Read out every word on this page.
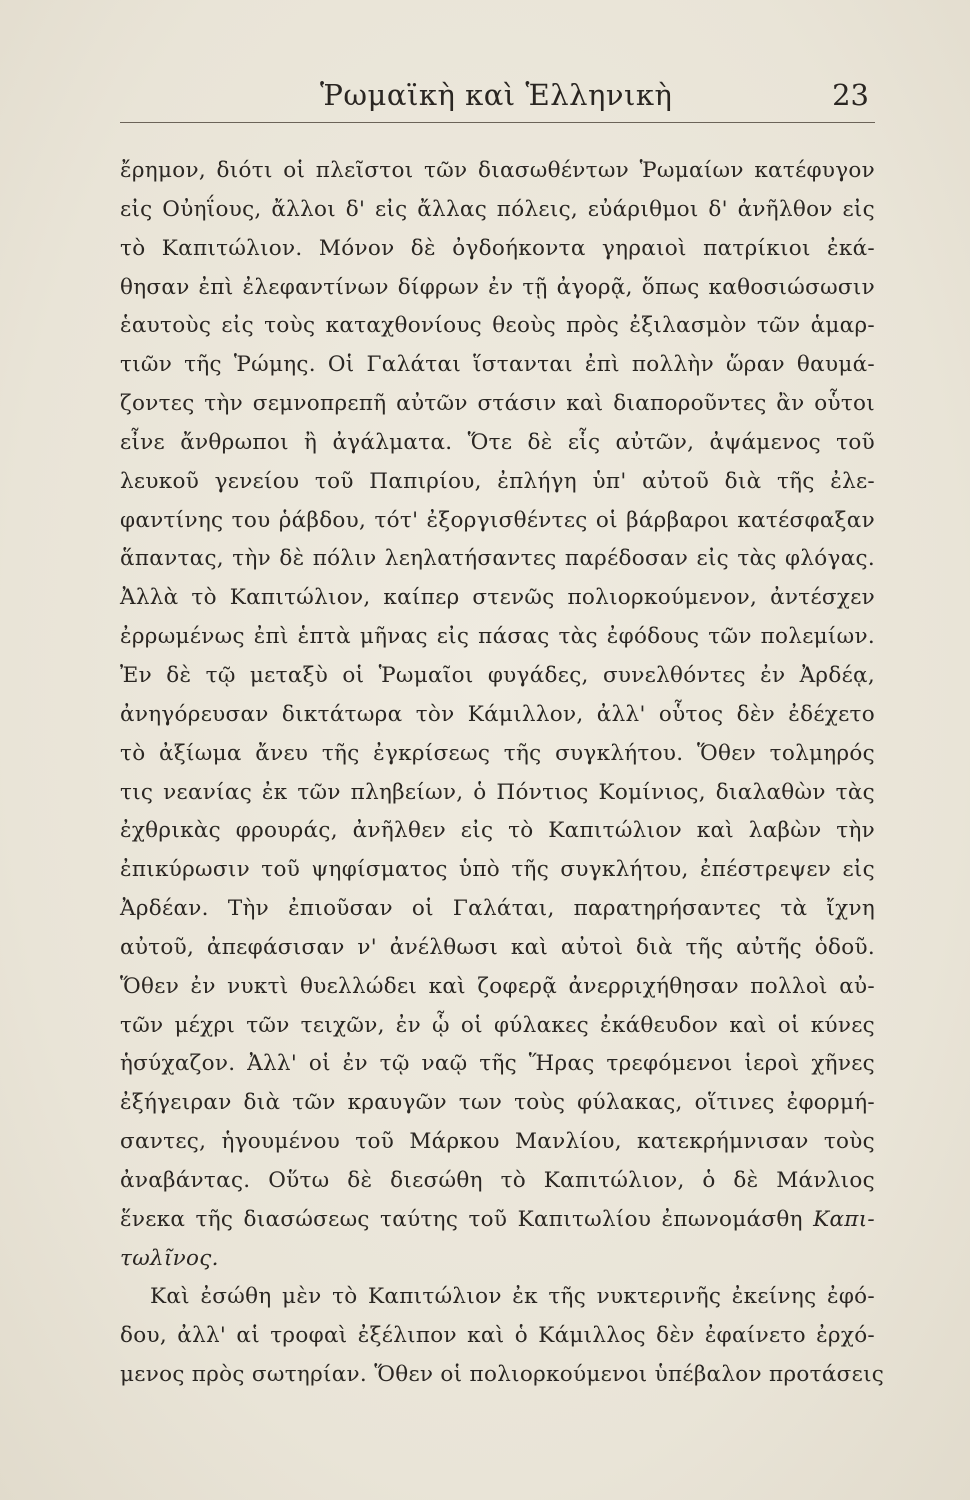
Ῥωμαϊκὴ καὶ Ἑλληνικὴ	23
ἔρημον, διότι οἱ πλεῖστοι τῶν διασωθέντων Ῥωμαίων κατέφυγον
εἰς Οὐηΐους, ἄλλοι δ' εἰς ἄλλας πόλεις, εὐάριθμοι δ' ἀνῆλθον εἰς
τὸ Καπιτώλιον. Μόνον δὲ ὀγδοήκοντα γηραιοὶ πατρίκιοι ἐκά-
θησαν ἐπὶ ἐλεφαντίνων δίφρων ἐν τῇ ἀγορᾷ, ὅπως καθοσιώσωσιν
ἑαυτοὺς εἰς τοὺς καταχθονίους θεοὺς πρὸς ἐξιλασμὸν τῶν ἁμαρ-
τιῶν τῆς Ῥώμης. Οἱ Γαλάται ἵστανται ἐπὶ πολλὴν ὥραν θαυμά-
ζοντες τὴν σεμνοπρεπῆ αὐτῶν στάσιν καὶ διαπορoῦντες ἂν οὗτοι
εἶνε ἄνθρωποι ἢ ἀγάλματα. Ὅτε δὲ εἷς αὐτῶν, ἀψάμενος τοῦ
λευκοῦ γενείου τοῦ Παπιρίου, ἐπλήγη ὑπ' αὐτοῦ διὰ τῆς ἐλε-
φαντίνης του ῥάβδου, τότ' ἐξοργισθέντες οἱ βάρβαροι κατέσφαξαν
ἅπαντας, τὴν δὲ πόλιν λεηλατήσαντες παρέδοσαν εἰς τὰς φλόγας.
Ἀλλὰ τὸ Καπιτώλιον, καίπερ στενῶς πολιορκούμενον, ἀντέσχεν
ἐρρωμένως ἐπὶ ἑπτὰ μῆνας εἰς πάσας τὰς ἐφόδους τῶν πολεμίων.
Ἐν δὲ τῷ μεταξὺ οἱ Ῥωμαῖοι φυγάδες, συνελθόντες ἐν Ἀρδέᾳ,
ἀνηγόρευσαν δικτάτωρα τὸν Κάμιλλον, ἀλλ' οὗτος δὲν ἐδέχετο
τὸ ἀξίωμα ἄνευ τῆς ἐγκρίσεως τῆς συγκλήτου. Ὅθεν τολμηρός
τις νεανίας ἐκ τῶν πληβείων, ὁ Πόντιος Κομίνιος, διαλαθὼν τὰς
ἐχθρικὰς φρουράς, ἀνῆλθεν εἰς τὸ Καπιτώλιον καὶ λαβὼν τὴν
ἐπικύρωσιν τοῦ ψηφίσματος ὑπὸ τῆς συγκλήτου, ἐπέστρεψεν εἰς
Ἀρδέαν. Τὴν ἐπιοῦσαν οἱ Γαλάται, παρατηρήσαντες τὰ ἴχνη
αὐτοῦ, ἀπεφάσισαν ν' ἀνέλθωσι καὶ αὐτοὶ διὰ τῆς αὐτῆς ὁδοῦ.
Ὅθεν ἐν νυκτὶ θυελλώδει καὶ ζοφερᾷ ἀνερριχήθησαν πολλοὶ αὐ-
τῶν μέχρι τῶν τειχῶν, ἐν ᾧ οἱ φύλακες ἐκάθευδον καὶ οἱ κύνες
ἡσύχαζον. Ἀλλ' οἱ ἐν τῷ ναῷ τῆς Ἥρας τρεφόμενοι ἱεροὶ χῆνες
ἐξήγειραν διὰ τῶν κραυγῶν των τοὺς φύλακας, οἵτινες ἐφορμή-
σαντες, ἡγουμένου τοῦ Μάρκου Μανλίου, κατεκρήμνισαν τοὺς
ἀναβάντας. Οὕτω δὲ διεσώθη τὸ Καπιτώλιον, ὁ δὲ Μάνλιος
ἕνεκα τῆς διασώσεως ταύτης τοῦ Καπιτωλίου ἐπωνομάσθη Καπι-
τωλῖνος.
Καὶ ἐσώθη μὲν τὸ Καπιτώλιον ἐκ τῆς νυκτερινῆς ἐκείνης ἐφό-
δου, ἀλλ' αἱ τροφαὶ ἐξέλιπον καὶ ὁ Κάμιλλος δὲν ἐφαίνετο ἐρχό-
μενος πρὸς σωτηρίαν. Ὅθεν οἱ πολιορκούμενοι ὑπέβαλον προτάσεις
